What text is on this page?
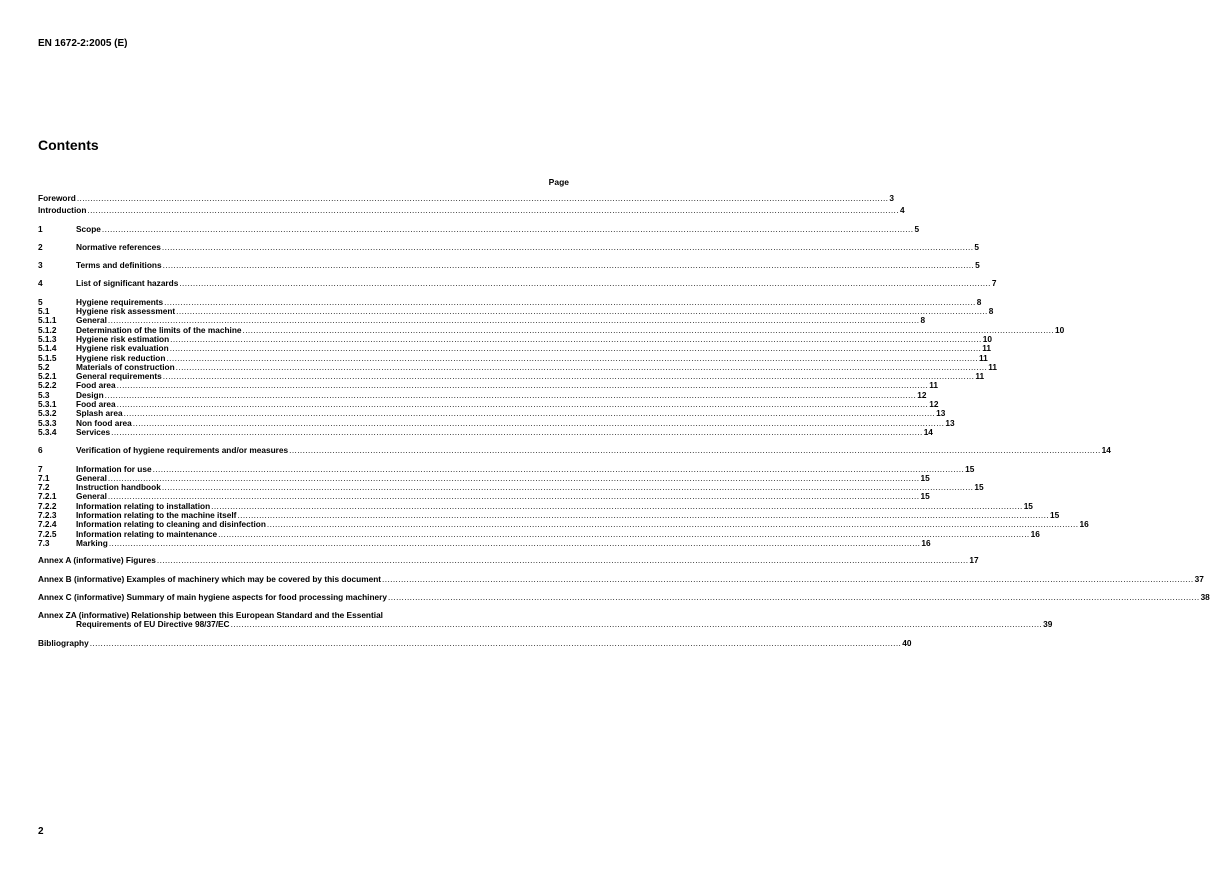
EN 1672-2:2005 (E)
Contents
Page
Foreword ............................................................................................................................................................................................................................................................................................................ 3
Introduction ............................................................................................................................................................................................................................................................................................................ 4
1	Scope ............................................................................................................................................................................................................................................................................................................ 5
2	Normative references ............................................................................................................................................................................................................................................................................................................ 5
3	Terms and definitions ............................................................................................................................................................................................................................................................................................................ 5
4	List of significant hazards ............................................................................................................................................................................................................................................................................................................ 7
5	Hygiene requirements ............................................................................................................................................................................................................................................................................................................ 8
5.1	Hygiene risk assessment ............................................................................................................................................................................................................................................................................................................ 8
5.1.1	General ............................................................................................................................................................................................................................................................................................................ 8
5.1.2	Determination of the limits of the machine ............................................................................................................................................................................................................................................................................................................ 10
5.1.3	Hygiene risk estimation ............................................................................................................................................................................................................................................................................................................ 10
5.1.4	Hygiene risk evaluation ............................................................................................................................................................................................................................................................................................................ 11
5.1.5	Hygiene risk reduction ............................................................................................................................................................................................................................................................................................................ 11
5.2	Materials of construction ............................................................................................................................................................................................................................................................................................................ 11
5.2.1	General requirements ............................................................................................................................................................................................................................................................................................................ 11
5.2.2	Food area ............................................................................................................................................................................................................................................................................................................ 11
5.3	Design ............................................................................................................................................................................................................................................................................................................ 12
5.3.1	Food area ............................................................................................................................................................................................................................................................................................................ 12
5.3.2	Splash area ............................................................................................................................................................................................................................................................................................................ 13
5.3.3	Non food area ............................................................................................................................................................................................................................................................................................................ 13
5.3.4	Services ............................................................................................................................................................................................................................................................................................................ 14
6	Verification of hygiene requirements and/or measures ............................................................................................................................................................................................................................................................................................................ 14
7	Information for use ............................................................................................................................................................................................................................................................................................................ 15
7.1	General ............................................................................................................................................................................................................................................................................................................ 15
7.2	Instruction handbook ............................................................................................................................................................................................................................................................................................................ 15
7.2.1	General ............................................................................................................................................................................................................................................................................................................ 15
7.2.2	Information relating to installation ............................................................................................................................................................................................................................................................................................................ 15
7.2.3	Information relating to the machine itself ............................................................................................................................................................................................................................................................................................................ 15
7.2.4	Information relating to cleaning and disinfection ............................................................................................................................................................................................................................................................................................................ 16
7.2.5	Information relating to maintenance ............................................................................................................................................................................................................................................................................................................ 16
7.3	Marking ............................................................................................................................................................................................................................................................................................................ 16
Annex A (informative) Figures ............................................................................................................................................................................................................................................................................................................ 17
Annex B (informative) Examples of machinery which may be covered by this document ............................................................................................................................................................................................................................................................................................................ 37
Annex C (informative) Summary of main hygiene aspects for food processing machinery ............................................................................................................................................................................................................................................................................................................ 38
Annex ZA (informative) Relationship between this European Standard and the Essential
Requirements of EU Directive 98/37/EC ............................................................................................................................................................................................................................................................................................................ 39
Bibliography ............................................................................................................................................................................................................................................................................................................ 40
2
